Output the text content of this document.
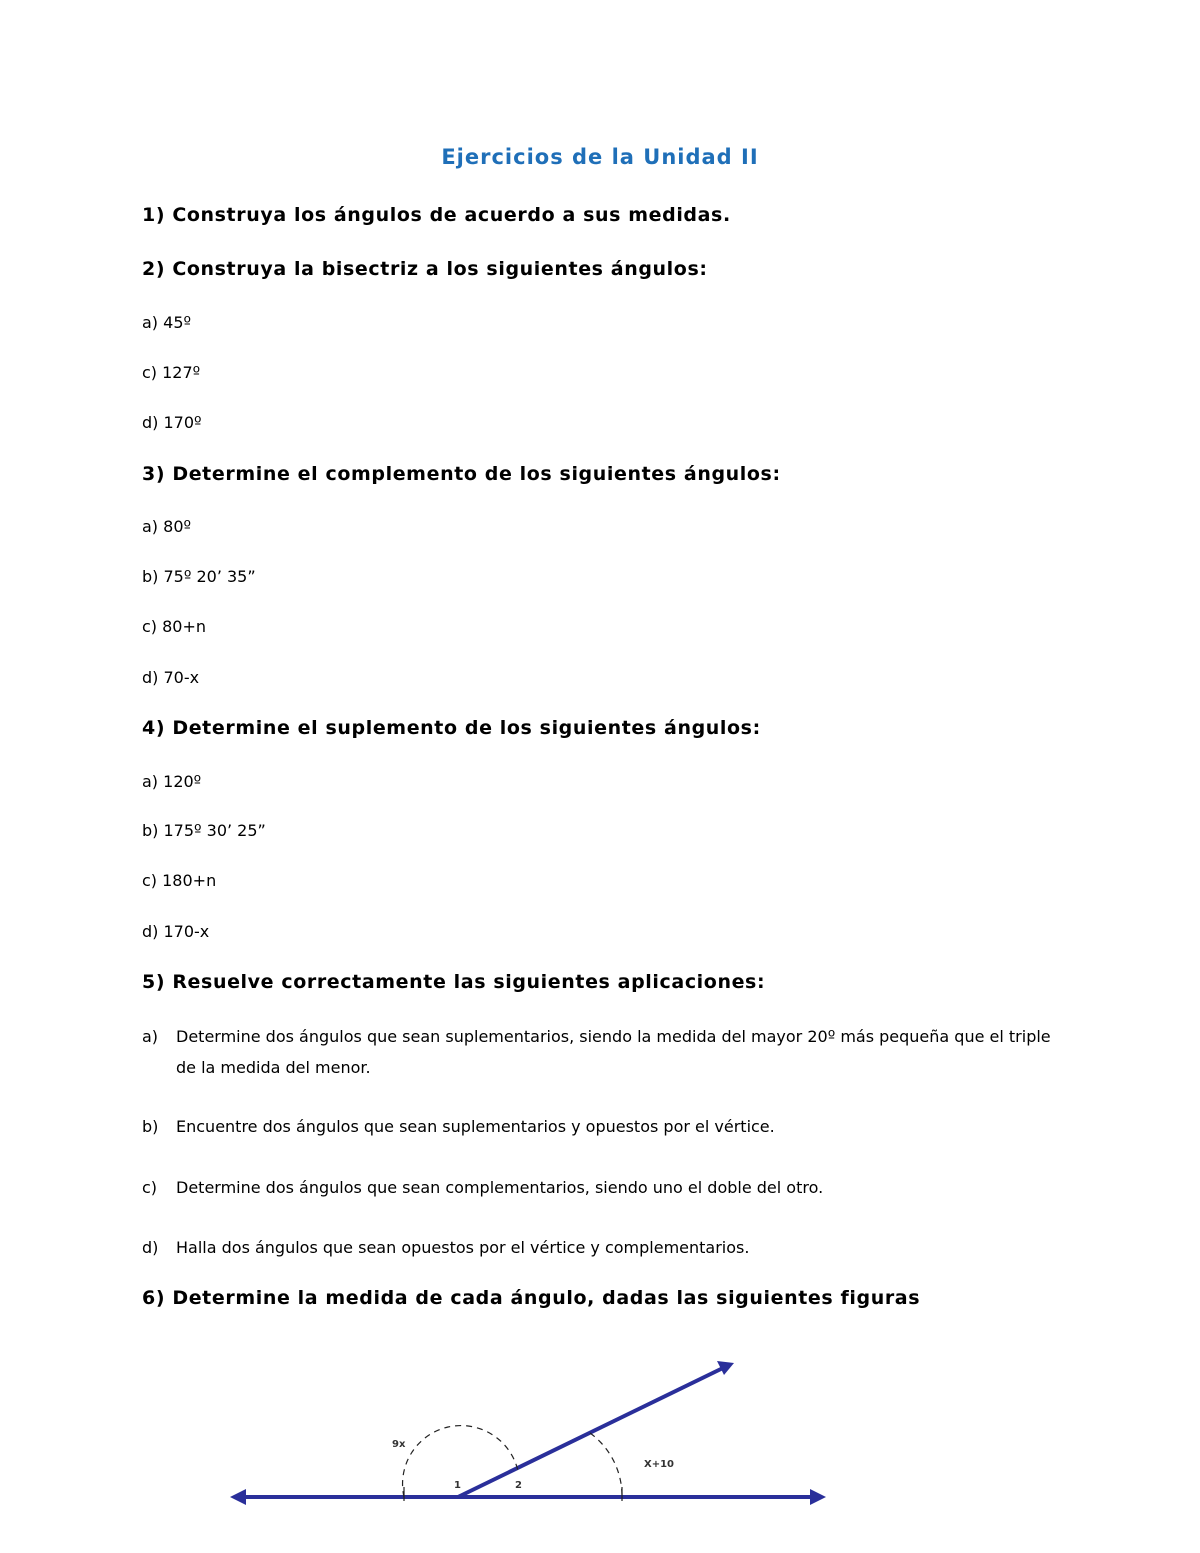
Ejercicios de la Unidad II
1) Construya los ángulos de acuerdo a sus medidas.
2) Construya la bisectriz a los siguientes ángulos:
a) 45º
c) 127º
d) 170º
3) Determine el complemento de los siguientes ángulos:
a) 80º
b) 75º 20’ 35”
c) 80+n
d) 70-x
4) Determine el suplemento de los siguientes ángulos:
a) 120º
b) 175º 30’ 25”
c) 180+n
d) 170-x
5) Resuelve correctamente las siguientes aplicaciones:
a) Determine dos ángulos que sean suplementarios, siendo la medida del mayor 20º más pequeña que el triple de la medida del menor.
b) Encuentre dos ángulos que sean suplementarios y opuestos por el vértice.
c) Determine dos ángulos que sean complementarios, siendo uno el doble del otro.
d) Halla dos ángulos que sean opuestos por el vértice y complementarios.
6) Determine la medida de cada ángulo, dadas las siguientes figuras
9x
X+10
1	2
